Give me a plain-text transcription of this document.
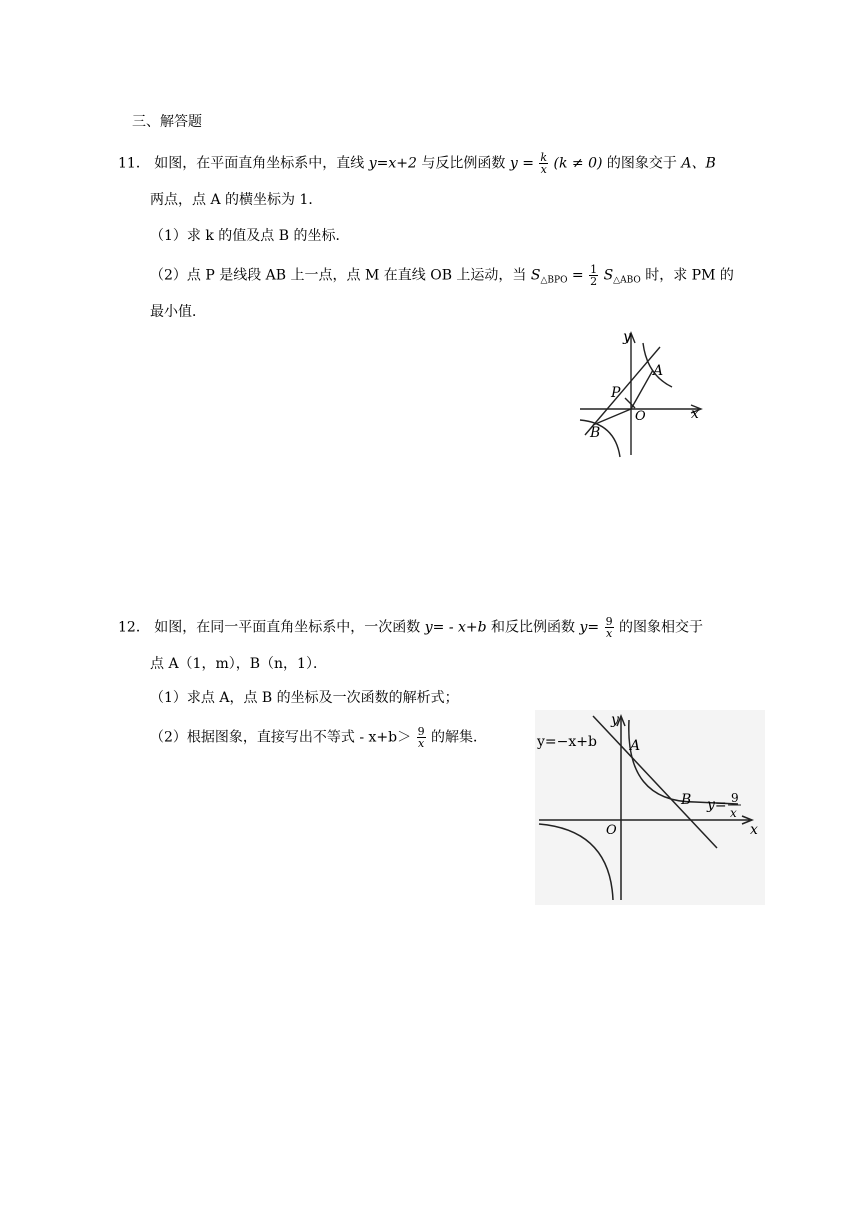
三、解答题
11． 如图，在平面直角坐标系中，直线 y=x+2 与反比例函数 $y = \frac{k}{x} (k \ne 0)$ 的图象交于 A、B
两点，点 A 的横坐标为 1．
（1）求 k 的值及点 B 的坐标．
（2）点 P 是线段 AB 上一点，点 M 在直线 OB 上运动，当 $S_{\triangle BPO} = \frac{1}{2} S_{\triangle ABO}$ 时，求 PM 的
最小值．
y
x
O
A
B
P
12． 如图，在同一平面直角坐标系中，一次函数 y= - x+b 和反比例函数 $y= \frac{9}{x}$ 的图象相交于
点 A（1，m），B（n，1）．
（1）求点 A，点 B 的坐标及一次函数的解析式；
（2）根据图象，直接写出不等式 - $x+b> \frac{9}{x}$ 的解集．	y=−x+b A
B y= 9
x
y
x
O
